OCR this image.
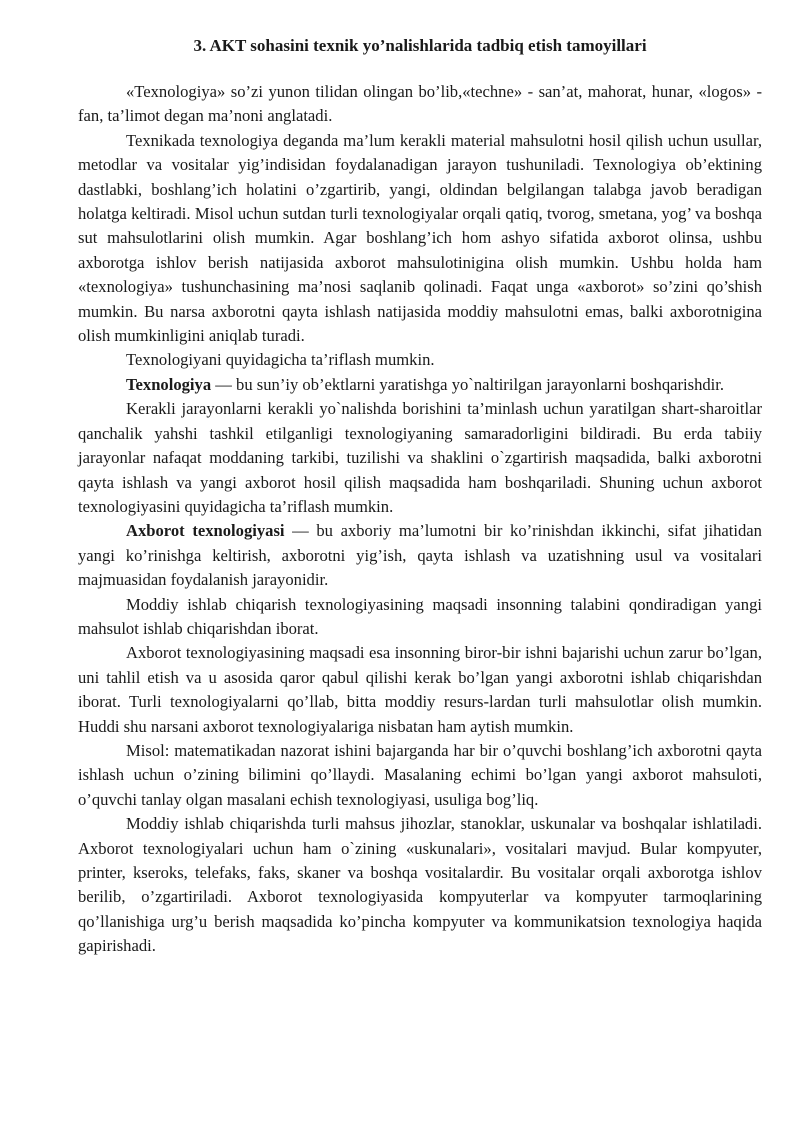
3. AKT sohasini texnik yo’nalishlarida tadbiq etish tamoyillari

«Texnologiya» so’zi yunon tilidan olingan bo’lib,«techne» - san’at, mahorat, hunar, «logos» - fan, ta’limot degan ma’noni anglatadi.

Texnikada texnologiya deganda ma’lum kerakli material mahsulotni hosil qilish uchun usullar, metodlar va vositalar yig’indisidan foydalanadigan jarayon tushuniladi. Texnologiya ob’ektining dastlabki, boshlang’ich holatini o’zgartirib, yangi, oldindan belgilangan talabga javob beradigan holatga keltiradi. Misol uchun sutdan turli texnologiyalar orqali qatiq, tvorog, smetana, yog’ va boshqa sut mahsulotlarini olish mumkin. Agar boshlang’ich hom ashyo sifatida axborot olinsa, ushbu axborotga ishlov berish natijasida axborot mahsulotinigina olish mumkin. Ushbu holda ham «texnologiya» tushunchasining ma’nosi saqlanib qolinadi. Faqat unga «axborot» so’zini qo’shish mumkin. Bu narsa axborotni qayta ishlash natijasida moddiy mahsulotni emas, balki axborotnigina olish mumkinligini aniqlab turadi.

Texnologiyani quyidagicha ta’riflash mumkin.

Texnologiya — bu sun’iy ob’ektlarni yaratishga yo`naltirilgan jarayonlarni boshqarishdir.

Kerakli jarayonlarni kerakli yo`nalishda borishini ta’minlash uchun yaratilgan shart-sharoitlar qanchalik yahshi tashkil etilganligi texnologiyaning samaradorligini bildiradi. Bu erda tabiiy jarayonlar nafaqat moddaning tarkibi, tuzilishi va shaklini o`zgartirish maqsadida, balki axborotni qayta ishlash va yangi axborot hosil qilish maqsadida ham boshqariladi. Shuning uchun axborot texnologiyasini quyidagicha ta’riflash mumkin.

Axborot texnologiyasi — bu axboriy ma’lumotni bir ko’rinishdan ikkinchi, sifat jihatidan yangi ko’rinishga keltirish, axborotni yig’ish, qayta ishlash va uzatishning usul va vositalari majmuasidan foydalanish jarayonidir.

Moddiy ishlab chiqarish texnologiyasining maqsadi insonning talabini qondiradigan yangi mahsulot ishlab chiqarishdan iborat.

Axborot texnologiyasining maqsadi esa insonning biror-bir ishni bajarishi uchun zarur bo’lgan, uni tahlil etish va u asosida qaror qabul qilishi kerak bo’lgan yangi axborotni ishlab chiqarishdan iborat. Turli texnologiyalarni qo’llab, bitta moddiy resurs-lardan turli mahsulotlar olish mumkin. Huddi shu narsani axborot texnologiyalariga nisbatan ham aytish mumkin.

Misol: matematikadan nazorat ishini bajarganda har bir o’quvchi boshlang’ich axborotni qayta ishlash uchun o’zining bilimini qo’llaydi. Masalaning echimi bo’lgan yangi axborot mahsuloti, o’quvchi tanlay olgan masalani echish texnologiyasi, usuliga bog’liq.

Moddiy ishlab chiqarishda turli mahsus jihozlar, stanoklar, uskunalar va boshqalar ishlatiladi. Axborot texnologiyalari uchun ham o`zining «uskunalari», vositalari mavjud. Bular kompyuter, printer, kseroks, telefaks, faks, skaner va boshqa vositalardir. Bu vositalar orqali axborotga ishlov berilib, o’zgartiriladi. Axborot texnologiyasida kompyuterlar va kompyuter tarmoqlarining qo’llanishiga urg’u berish maqsadida ko’pincha kompyuter va kommunikatsion texnologiya haqida gapirishadi.
